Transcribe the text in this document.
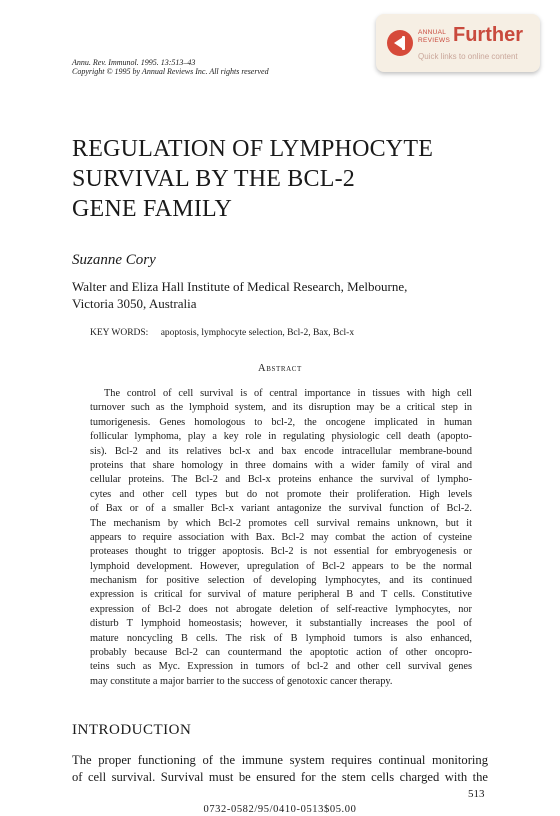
ANNUAL
REVIEWS Further
Quick links to online content
Annu. Rev. Immunol. 1995. 13:513–43
Copyright © 1995 by Annual Reviews Inc. All rights reserved
REGULATION OF LYMPHOCYTE
SURVIVAL BY THE BCL-2
GENE FAMILY
Suzanne Cory
Walter and Eliza Hall Institute of Medical Research, Melbourne,
Victoria 3050, Australia
KEY WORDS: apoptosis, lymphocyte selection, Bcl-2, Bax, Bcl-x
Abstract
The control of cell survival is of central importance in tissues with high cell
turnover such as the lymphoid system, and its disruption may be a critical step in
tumorigenesis. Genes homologous to bcl-2, the oncogene implicated in human
follicular lymphoma, play a key role in regulating physiologic cell death (apopto-
sis). Bcl-2 and its relatives bcl-x and bax encode intracellular membrane-bound
proteins that share homology in three domains with a wider family of viral and
cellular proteins. The Bcl-2 and Bcl-x proteins enhance the survival of lympho-
cytes and other cell types but do not promote their proliferation. High levels
of Bax or of a smaller Bcl-x variant antagonize the survival function of Bcl-2.
The mechanism by which Bcl-2 promotes cell survival remains unknown, but it
appears to require association with Bax. Bcl-2 may combat the action of cysteine
proteases thought to trigger apoptosis. Bcl-2 is not essential for embryogenesis or
lymphoid development. However, upregulation of Bcl-2 appears to be the normal
mechanism for positive selection of developing lymphocytes, and its continued
expression is critical for survival of mature peripheral B and T cells. Constitutive
expression of Bcl-2 does not abrogate deletion of self-reactive lymphocytes, nor
disturb T lymphoid homeostasis; however, it substantially increases the pool of
mature noncycling B cells. The risk of B lymphoid tumors is also enhanced,
probably because Bcl-2 can countermand the apoptotic action of other oncopro-
teins such as Myc. Expression in tumors of bcl-2 and other cell survival genes
may constitute a major barrier to the success of genotoxic cancer therapy.
INTRODUCTION
The proper functioning of the immune system requires continual monitoring
of cell survival. Survival must be ensured for the stem cells charged with the
513
0732-0582/95/0410-0513$05.00
